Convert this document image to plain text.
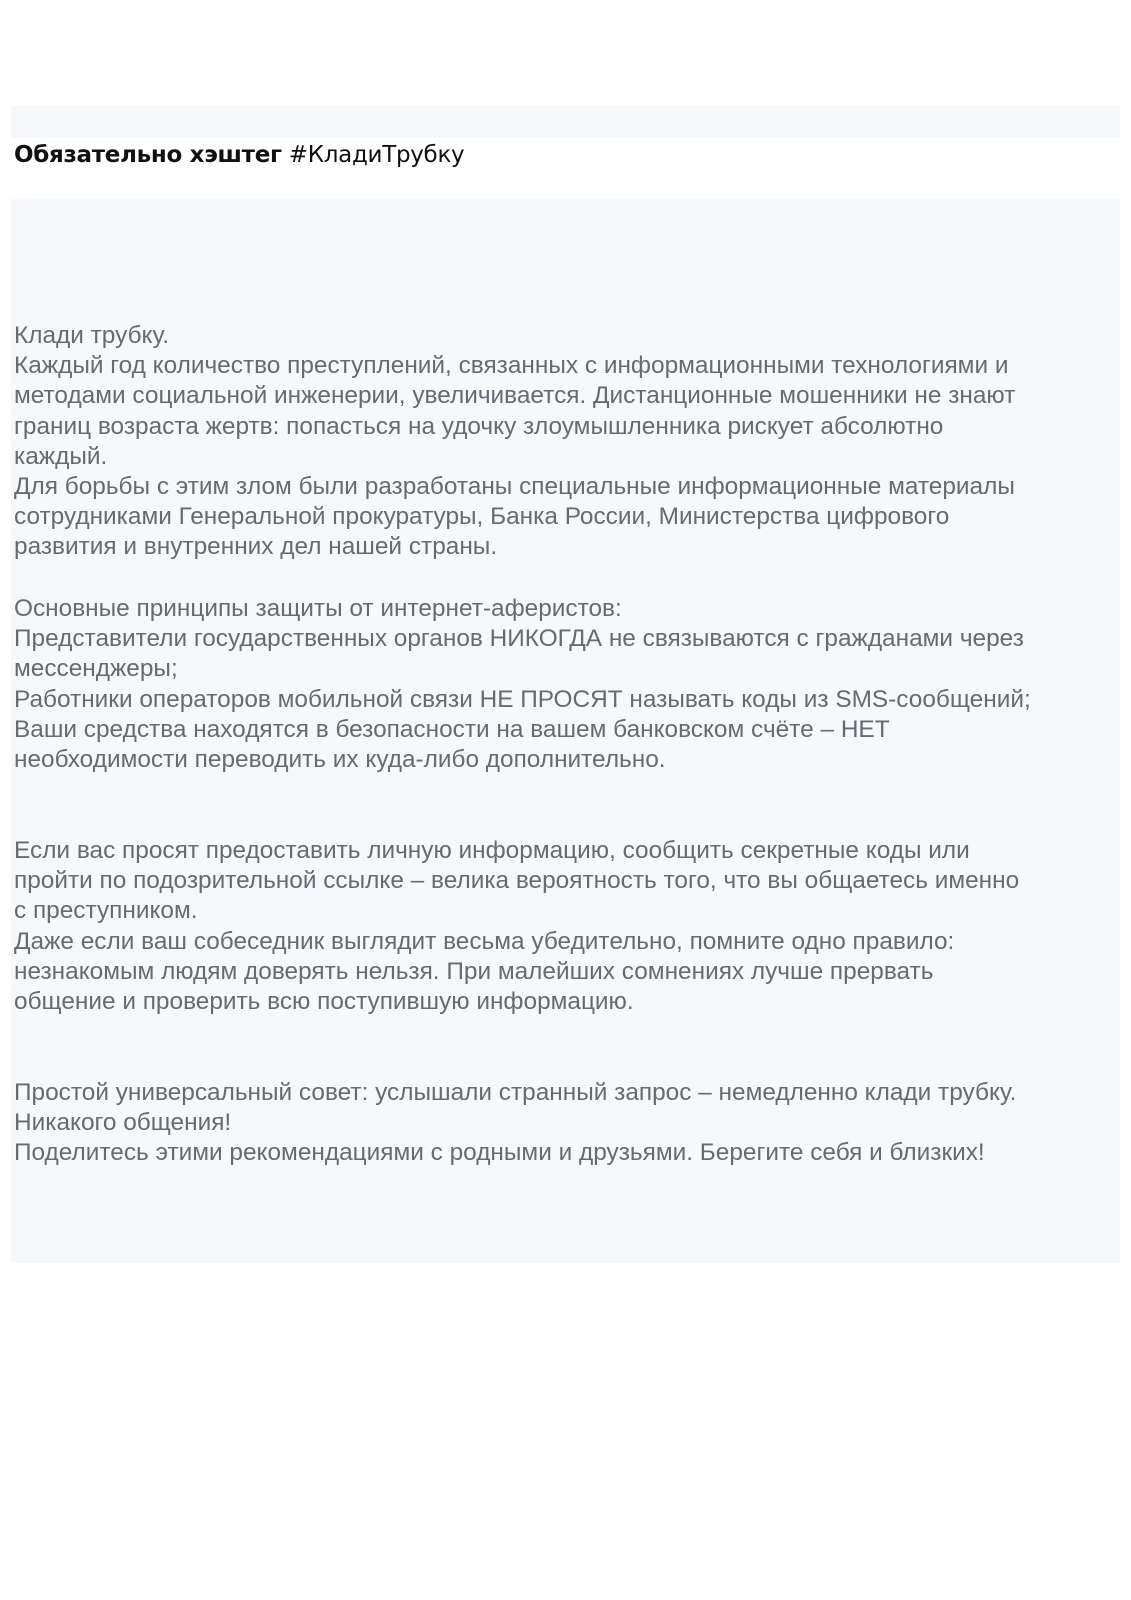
Обязательно хэштег #КладиТрубку

Клади трубку.

Каждый год количество преступлений, связанных с информационными технологиями и

методами социальной инженерии, увеличивается. Дистанционные мошенники не знают

границ возраста жертв: попасться на удочку злоумышленника рискует абсолютно

каждый.

Для борьбы с этим злом были разработаны специальные информационные материалы

сотрудниками Генеральной прокуратуры, Банка России, Министерства цифрового

развития и внутренних дел нашей страны.

Основные принципы защиты от интернет-аферистов:

Представители государственных органов НИКОГДА не связываются с гражданами через

мессенджеры;

Работники операторов мобильной связи НЕ ПРОСЯТ называть коды из SMS-сообщений;

Ваши средства находятся в безопасности на вашем банковском счёте – НЕТ

необходимости переводить их куда-либо дополнительно.

Если вас просят предоставить личную информацию, сообщить секретные коды или

пройти по подозрительной ссылке – велика вероятность того, что вы общаетесь именно

с преступником.

Даже если ваш собеседник выглядит весьма убедительно, помните одно правило:

незнакомым людям доверять нельзя. При малейших сомнениях лучше прервать

общение и проверить всю поступившую информацию.

Простой универсальный совет: услышали странный запрос – немедленно клади трубку.

Никакого общения!

Поделитесь этими рекомендациями с родными и друзьями. Берегите себя и близких!
